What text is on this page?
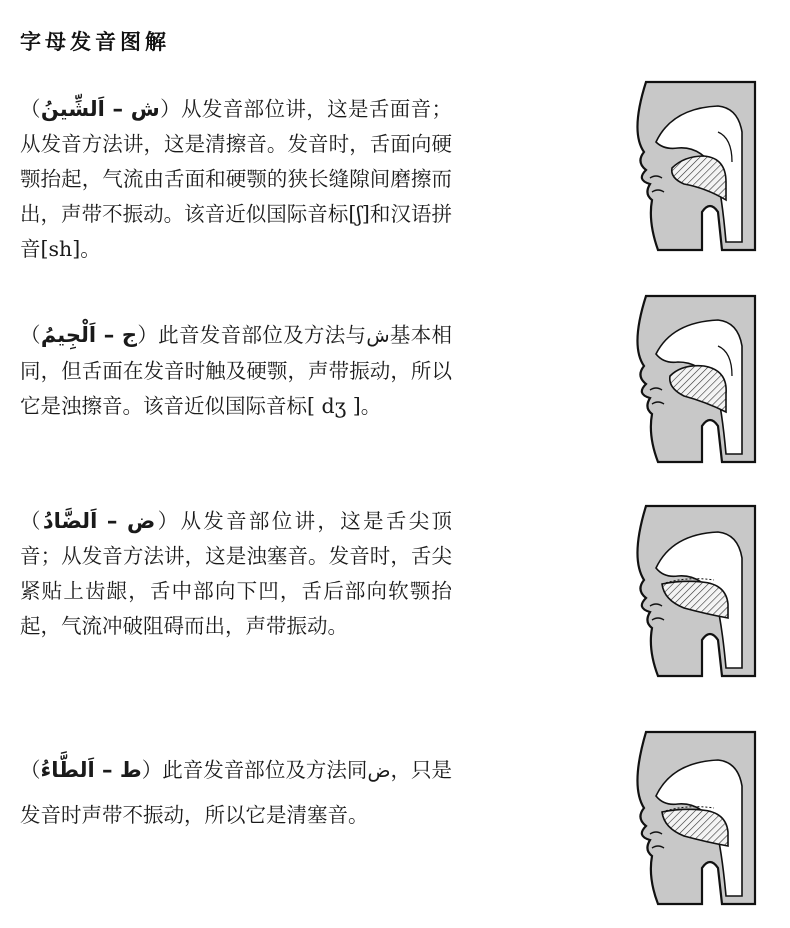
字母发音图解

（ش – اَلشِّينُ）从发音部位讲，这是舌面音；从发音方法讲，这是清擦音。发音时，舌面向硬颚抬起，气流由舌面和硬颚的狭长缝隙间磨擦而出，声带不振动。该音近似国际音标[ʃ]和汉语拼音[sh]。

（ج – اَلْجِيمُ）此音发音部位及方法与ش基本相同，但舌面在发音时触及硬颚，声带振动，所以它是浊擦音。该音近似国际音标[ dʒ ]。

（ض – اَلضَّادُ）从发音部位讲，这是舌尖顶音；从发音方法讲，这是浊塞音。发音时，舌尖紧贴上齿龈，舌中部向下凹，舌后部向软颚抬起，气流冲破阻碍而出，声带振动。

（ط – اَلطَّاءُ）此音发音部位及方法同ض，只是发音时声带不振动，所以它是清塞音。
